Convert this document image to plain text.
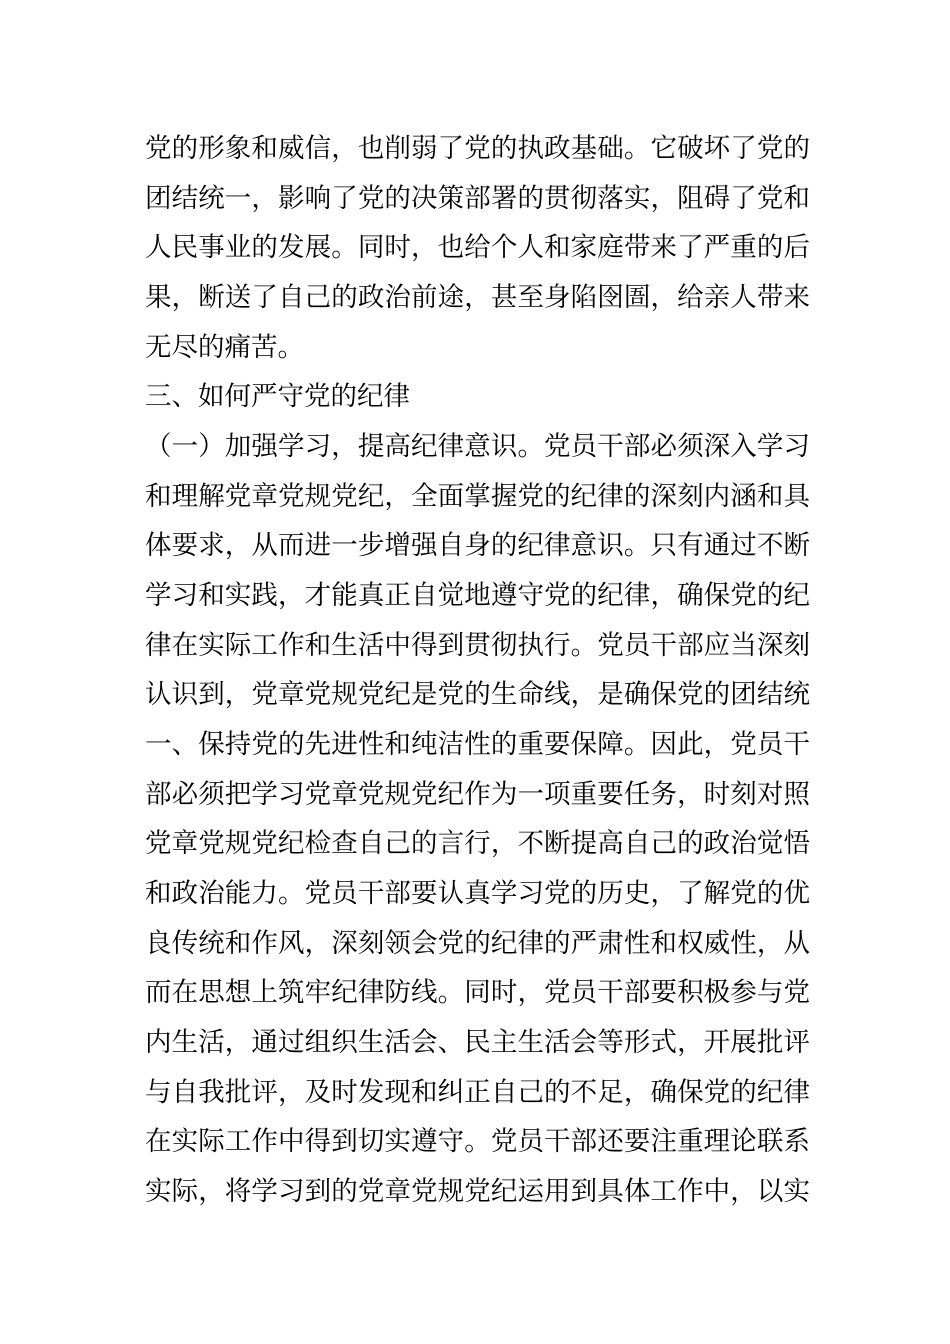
党的形象和威信，也削弱了党的执政基础。它破坏了党的
团结统一，影响了党的决策部署的贯彻落实，阻碍了党和
人民事业的发展。同时，也给个人和家庭带来了严重的后
果，断送了自己的政治前途，甚至身陷囹圄，给亲人带来
无尽的痛苦。
三、如何严守党的纪律
（一）加强学习，提高纪律意识。党员干部必须深入学习
和理解党章党规党纪，全面掌握党的纪律的深刻内涵和具
体要求，从而进一步增强自身的纪律意识。只有通过不断
学习和实践，才能真正自觉地遵守党的纪律，确保党的纪
律在实际工作和生活中得到贯彻执行。党员干部应当深刻
认识到，党章党规党纪是党的生命线，是确保党的团结统
一、保持党的先进性和纯洁性的重要保障。因此，党员干
部必须把学习党章党规党纪作为一项重要任务，时刻对照
党章党规党纪检查自己的言行，不断提高自己的政治觉悟
和政治能力。党员干部要认真学习党的历史，了解党的优
良传统和作风，深刻领会党的纪律的严肃性和权威性，从
而在思想上筑牢纪律防线。同时，党员干部要积极参与党
内生活，通过组织生活会、民主生活会等形式，开展批评
与自我批评，及时发现和纠正自己的不足，确保党的纪律
在实际工作中得到切实遵守。党员干部还要注重理论联系
实际，将学习到的党章党规党纪运用到具体工作中，以实
